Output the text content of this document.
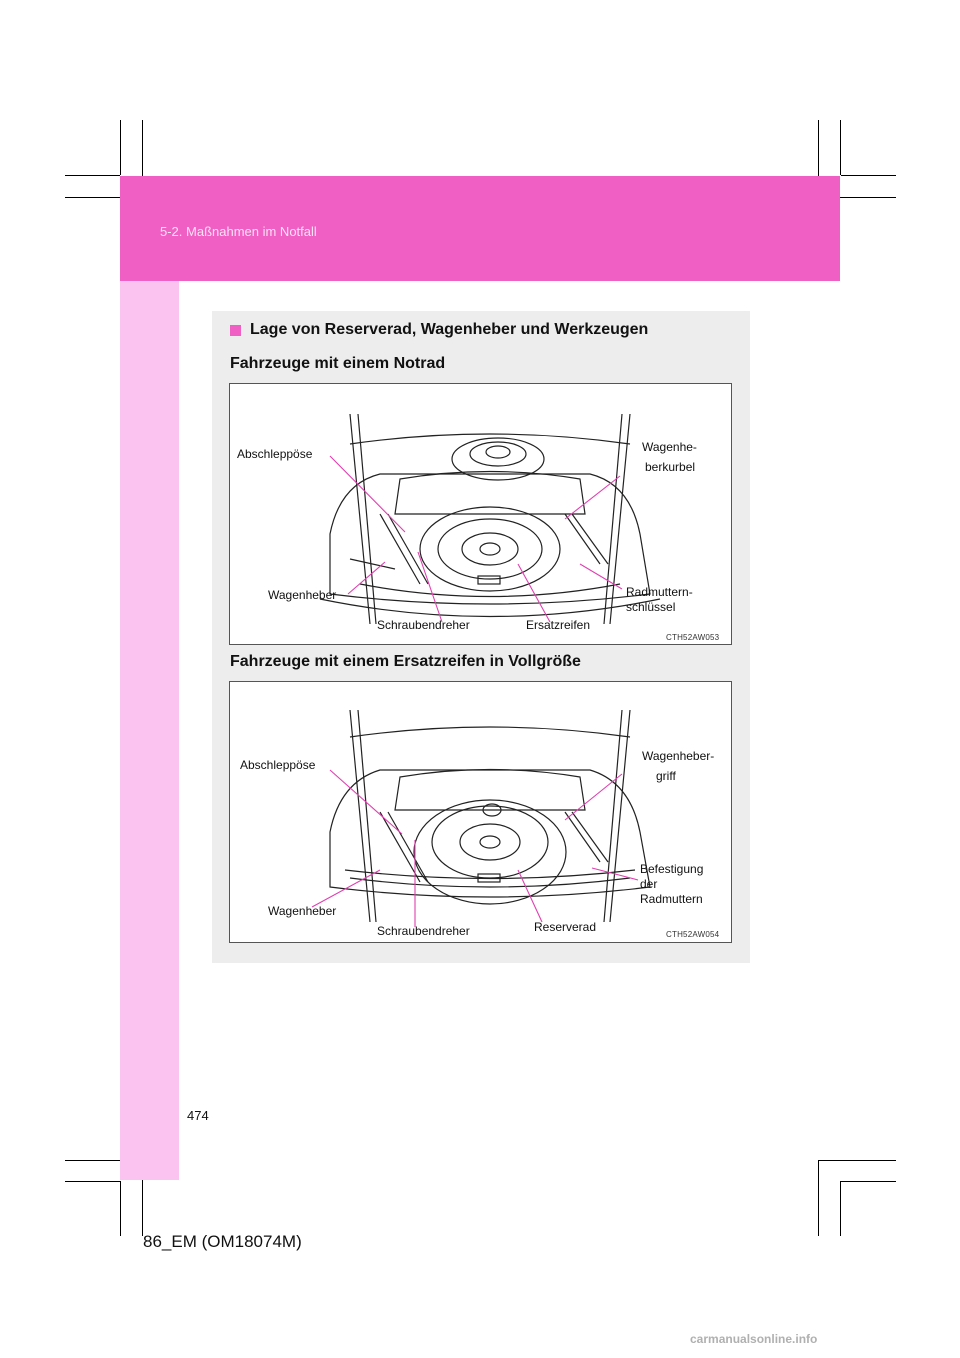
5-2. Maßnahmen im Notfall
Lage von Reserverad, Wagenheber und Werkzeugen
Fahrzeuge mit einem Notrad
Abschleppöse	Wagenhe-
berkurbel
Wagenheber	Radmuttern-
schlüssel
Schraubendreher	Ersatzreifen
CTH52AW053
Fahrzeuge mit einem Ersatzreifen in Vollgröße
Abschleppöse
Wagenheber-
griff
Befestigung
der
Radmuttern
Wagenheber
Schraubendreher	Reserverad
CTH52AW054
474
86_EM (OM18074M)
carmanualsonline.info
